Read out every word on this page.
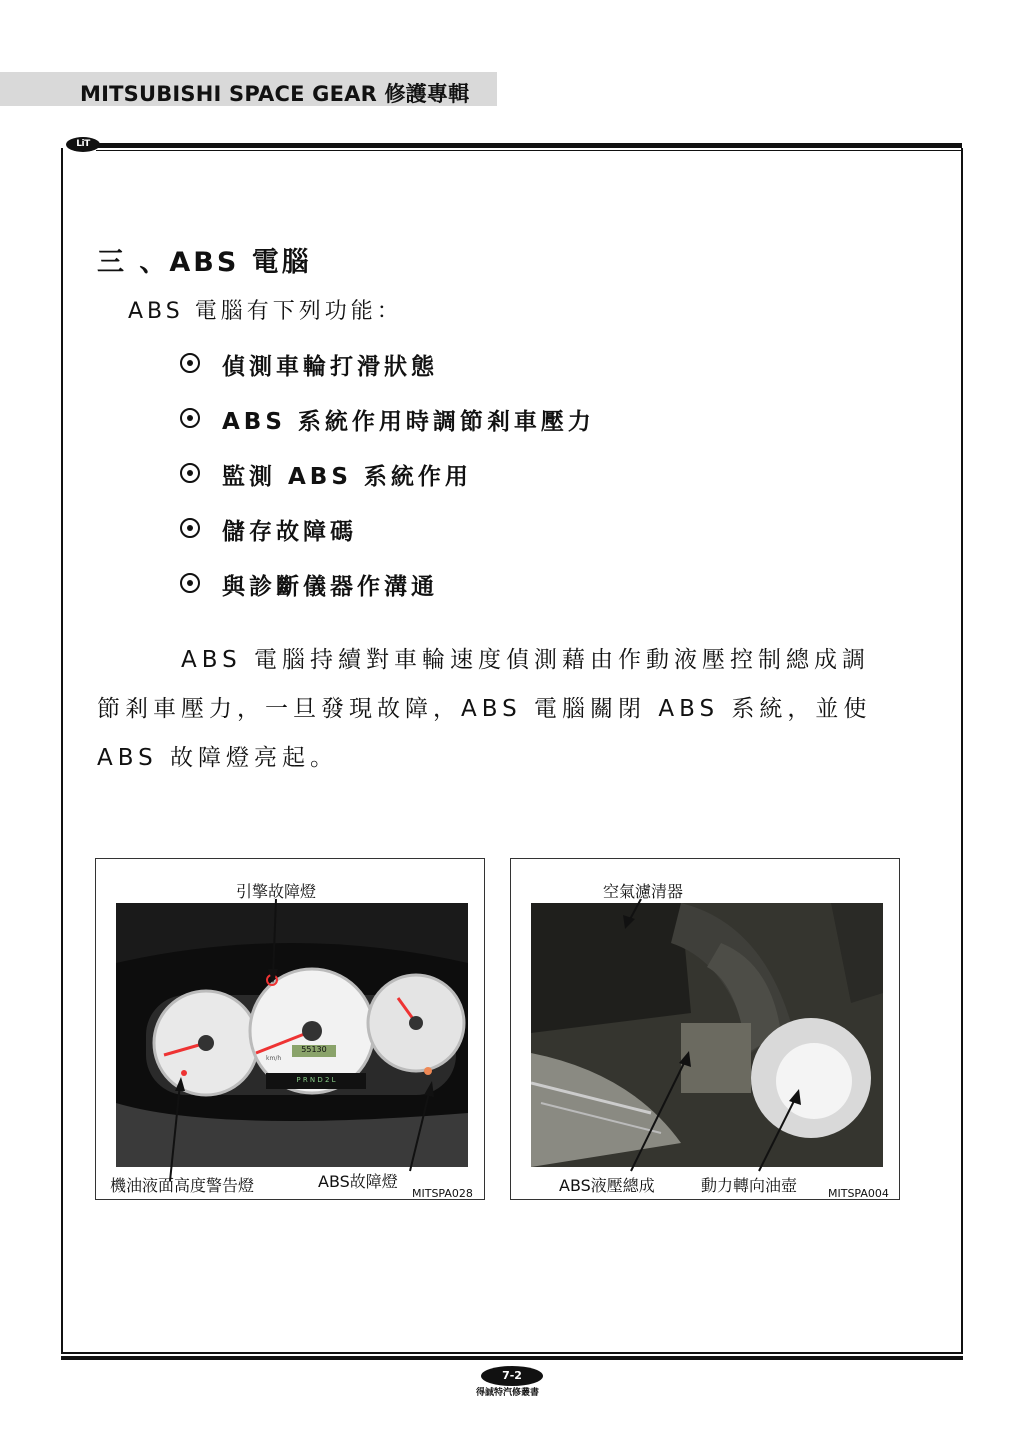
MITSUBISHI SPACE GEAR 修護專輯
LiT
三 、ABS 電腦
ABS 電腦有下列功能：
偵測車輪打滑狀態
ABS 系統作用時調節剎車壓力
監測 ABS 系統作用
儲存故障碼
與診斷儀器作溝通
ABS 電腦持續對車輪速度偵測藉由作動液壓控制總成調
節剎車壓力，一旦發現故障，ABS 電腦關閉 ABS 系統，並使
ABS 故障燈亮起。
引擎故障燈
55130
P R N D 2 L
km/h
機油液面高度警告燈	ABS故障燈
MITSPA028
空氣濾清器
ABS液壓總成	動力轉向油壺	MITSPA004
7-2
得誠特汽修叢書
